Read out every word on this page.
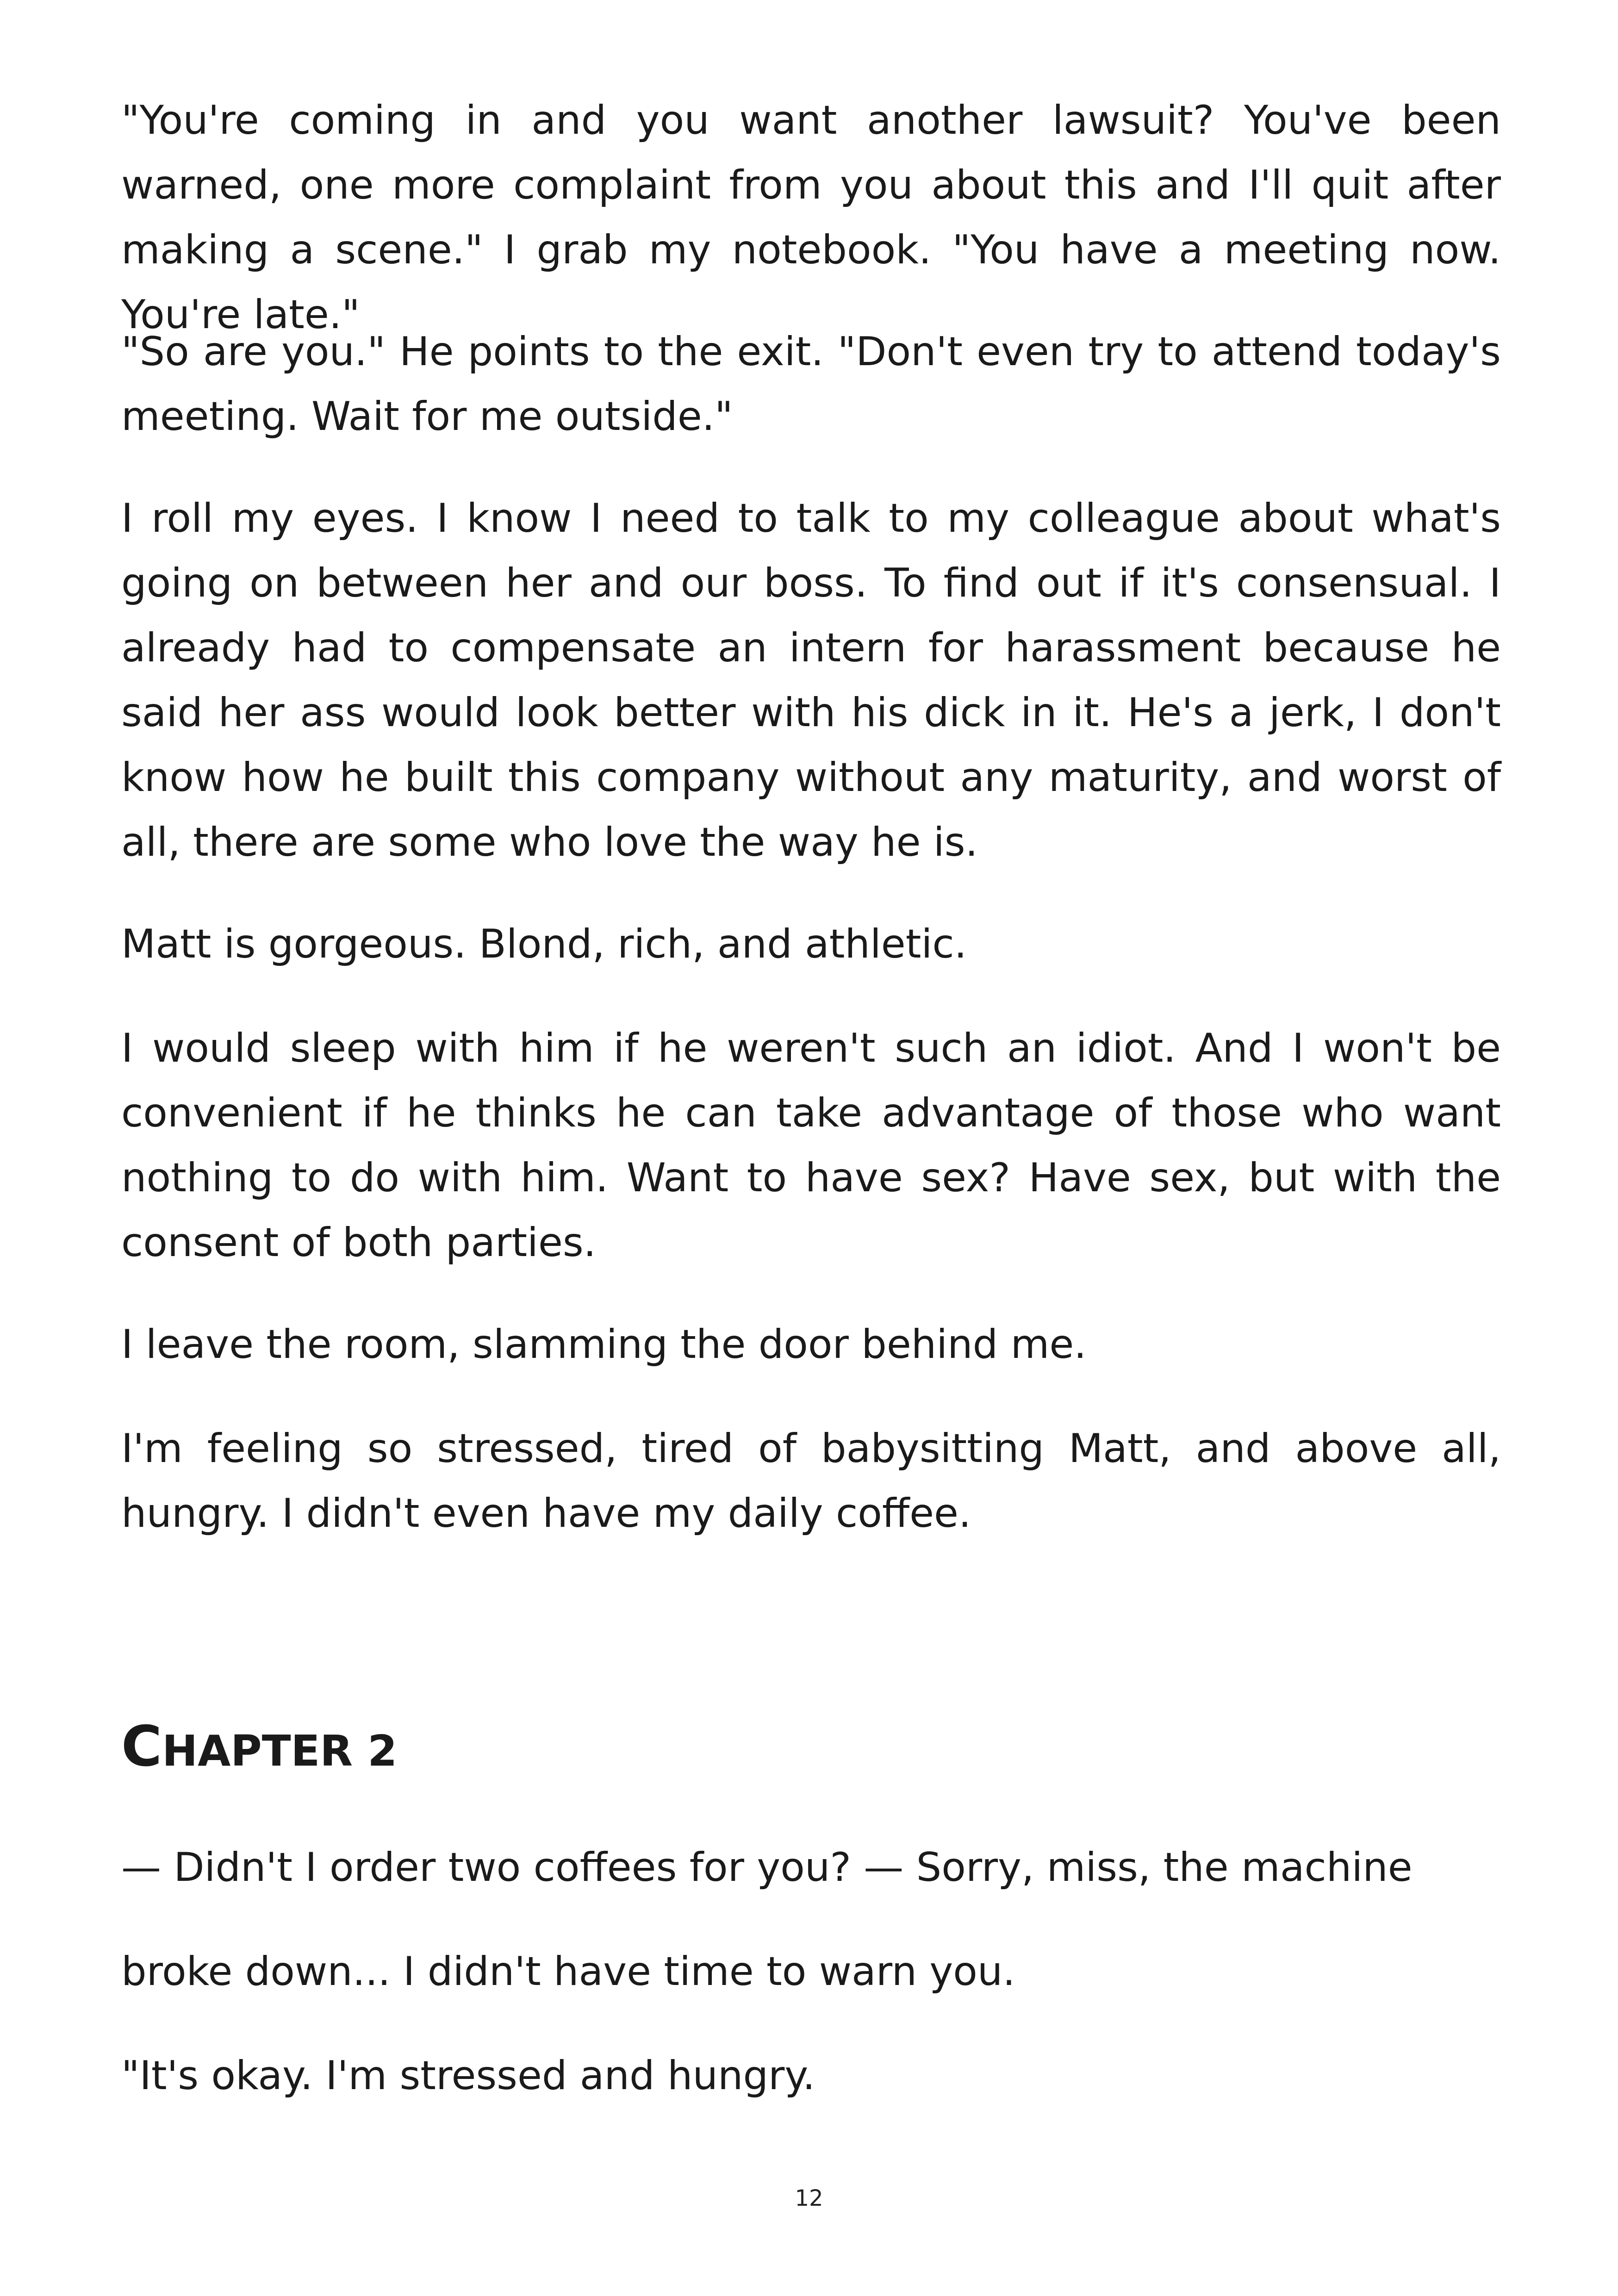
"You're coming in and you want another lawsuit? You've been warned, one more complaint from you about this and I'll quit after making a scene." I grab my notebook. "You have a meeting now. You're late."

"So are you." He points to the exit. "Don't even try to attend today's meeting. Wait for me outside."

I roll my eyes. I know I need to talk to my colleague about what's going on between her and our boss. To find out if it's consensual. I already had to compensate an intern for harassment because he said her ass would look better with his dick in it. He's a jerk, I don't know how he built this company without any maturity, and worst of all, there are some who love the way he is.

Matt is gorgeous. Blond, rich, and athletic.

I would sleep with him if he weren't such an idiot. And I won't be convenient if he thinks he can take advantage of those who want nothing to do with him. Want to have sex? Have sex, but with the consent of both parties.

I leave the room, slamming the door behind me.

I'm feeling so stressed, tired of babysitting Matt, and above all, hungry. I didn't even have my daily coffee.

CHAPTER 2

— Didn't I order two coffees for you? — Sorry, miss, the machine

broke down... I didn't have time to warn you.

"It's okay. I'm stressed and hungry.

12
